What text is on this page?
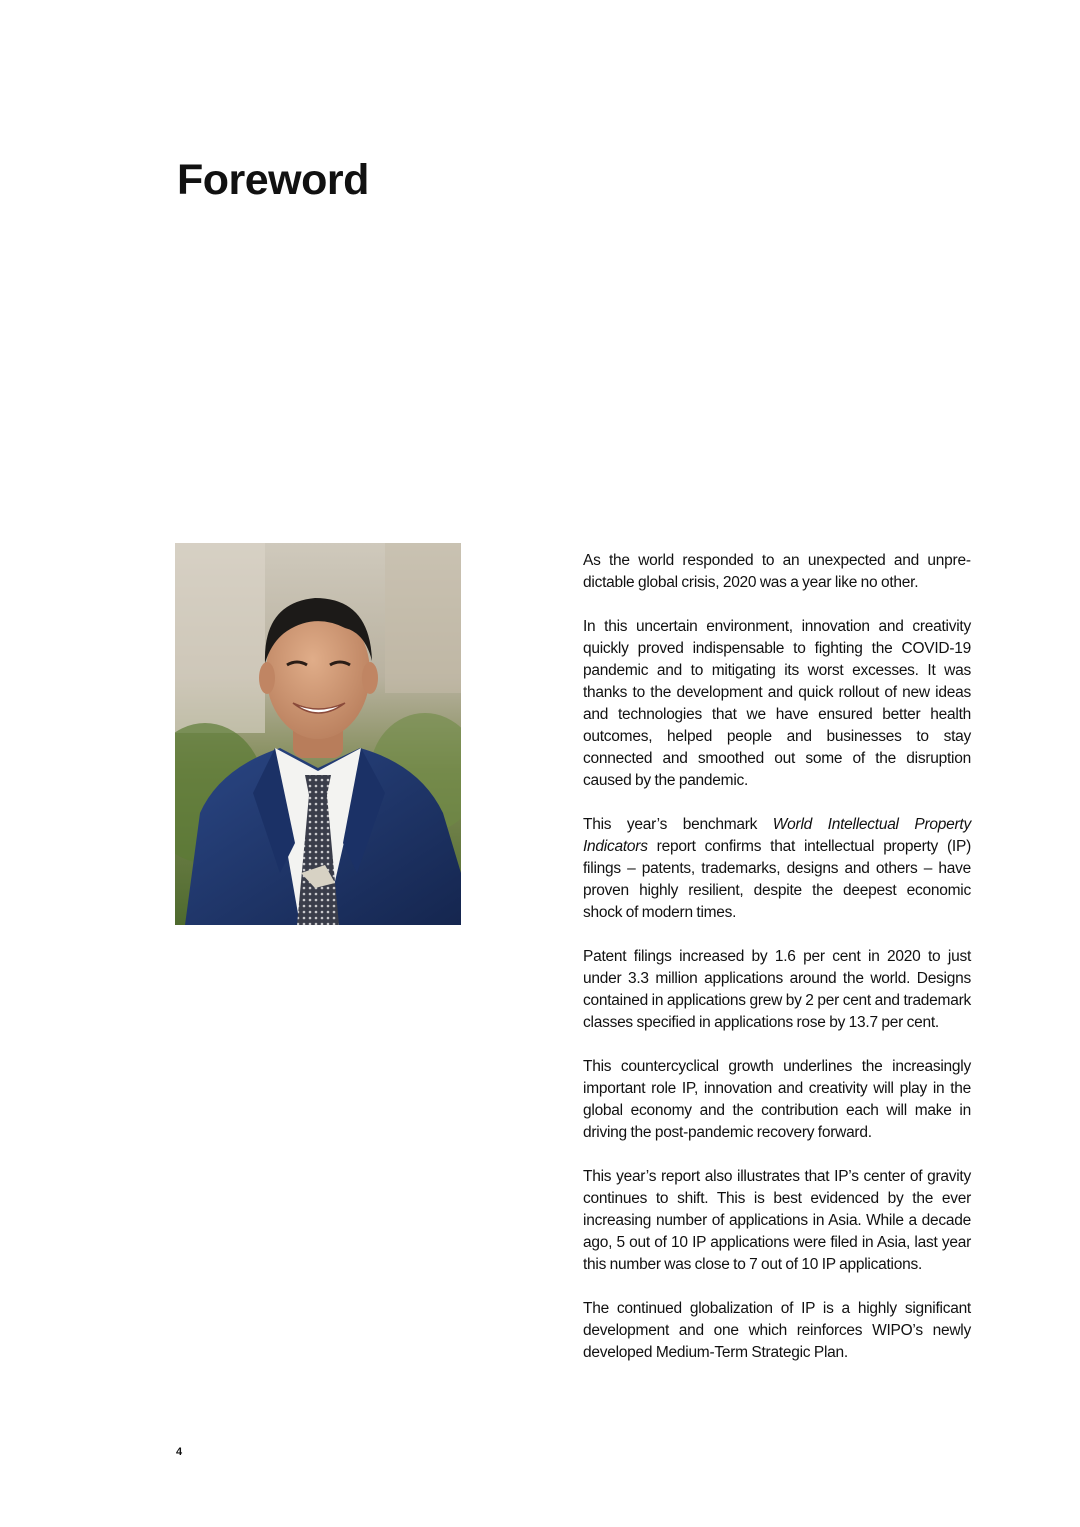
Foreword

As the world responded to an unexpected and unpredictable global crisis, 2020 was a year like no other.

In this uncertain environment, innovation and creativity quickly proved indispensable to fighting the COVID-19 pandemic and to mitigating its worst excesses. It was thanks to the development and quick rollout of new ideas and technologies that we have ensured better health outcomes, helped people and businesses to stay connected and smoothed out some of the disruption caused by the pandemic.

This year’s benchmark World Intellectual Property Indicators report confirms that intellectual property (IP) filings – patents, trademarks, designs and others – have proven highly resilient, despite the deepest economic shock of modern times.

Patent filings increased by 1.6 per cent in 2020 to just under 3.3 million applications around the world. Designs contained in applications grew by 2 per cent and trademark classes specified in applications rose by 13.7 per cent.

This countercyclical growth underlines the increasingly important role IP, innovation and creativity will play in the global economy and the contribution each will make in driving the post-pandemic recovery forward.

This year’s report also illustrates that IP’s center of gravity continues to shift. This is best evidenced by the ever increasing number of applications in Asia. While a decade ago, 5 out of 10 IP applications were filed in Asia, last year this number was close to 7 out of 10 IP applications.

The continued globalization of IP is a highly significant development and one which reinforces WIPO’s newly developed Medium-Term Strategic Plan.

4
